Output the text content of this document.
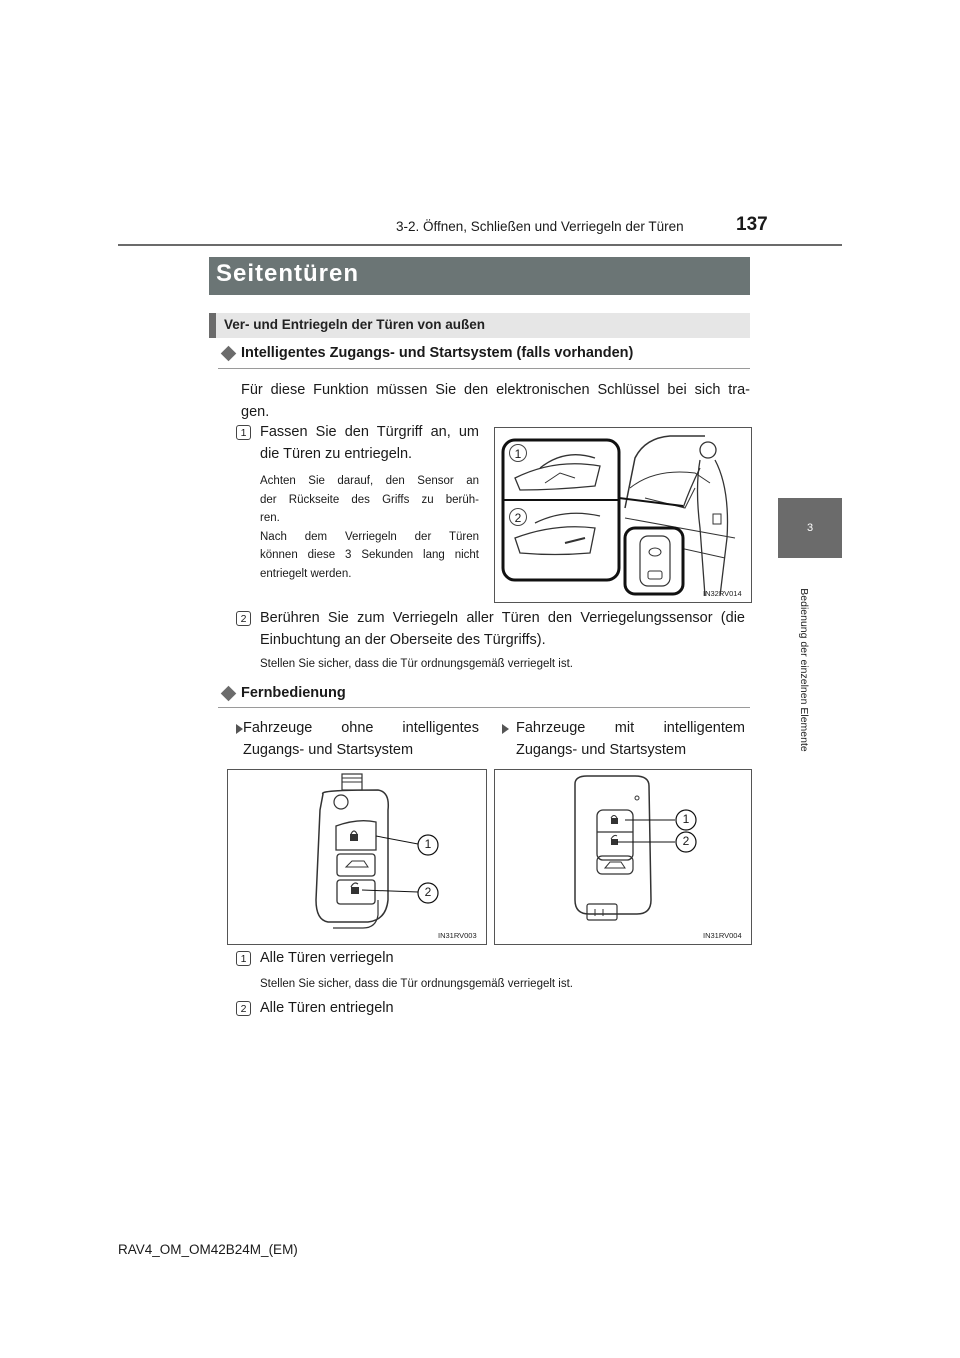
3-2. Öffnen, Schließen und Verriegeln der Türen	137
3
Bedienung der einzelnen Elemente
Seitentüren
Ver- und Entriegeln der Türen von außen
Intelligentes Zugangs- und Startsystem (falls vorhanden)
Für diese Funktion müssen Sie den elektronischen Schlüssel bei sich tra-
gen.
1 Fassen Sie den Türgriff an, um
die Türen zu entriegeln.
Achten Sie darauf, den Sensor an
der Rückseite des Griffs zu berüh-
ren.
Nach dem Verriegeln der Türen
können diese 3 Sekunden lang nicht
entriegelt werden.
1
2
IN32RV014
2 Berühren Sie zum Verriegeln aller Türen den Verriegelungssensor (die
Einbuchtung an der Oberseite des Türgriffs).
Stellen Sie sicher, dass die Tür ordnungsgemäß verriegelt ist.
Fernbedienung
Fahrzeuge ohne intelligentes
Zugangs- und Startsystem
Fahrzeuge mit intelligentem
Zugangs- und Startsystem
1
2
IN31RV003
1
2
IN31RV004
1 Alle Türen verriegeln
Stellen Sie sicher, dass die Tür ordnungsgemäß verriegelt ist.
2 Alle Türen entriegeln
RAV4_OM_OM42B24M_(EM)
